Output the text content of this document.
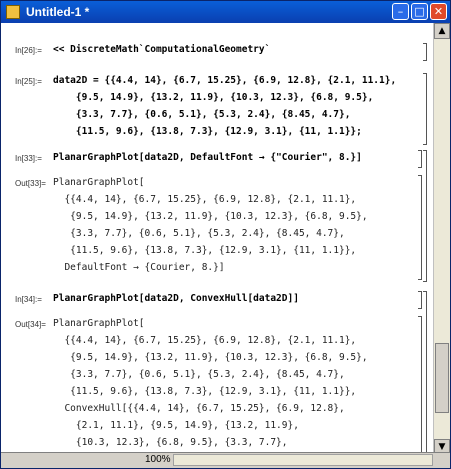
Untitled-1 *	–	□ ✕
In[26]:= << DiscreteMath`ComputationalGeometry`
In[25]:= data2D = {{4.4, 14}, {6.7, 15.25}, {6.9, 12.8}, {2.1, 11.1},
{9.5, 14.9}, {13.2, 11.9}, {10.3, 12.3}, {6.8, 9.5},
{3.3, 7.7}, {0.6, 5.1}, {5.3, 2.4}, {8.45, 4.7},
{11.5, 9.6}, {13.8, 7.3}, {12.9, 3.1}, {11, 1.1}};
In[33]:= PlanarGraphPlot[data2D, DefaultFont → {"Courier", 8.}]
Out[33]= PlanarGraphPlot[
{{4.4, 14}, {6.7, 15.25}, {6.9, 12.8}, {2.1, 11.1},
{9.5, 14.9}, {13.2, 11.9}, {10.3, 12.3}, {6.8, 9.5},
{3.3, 7.7}, {0.6, 5.1}, {5.3, 2.4}, {8.45, 4.7},
{11.5, 9.6}, {13.8, 7.3}, {12.9, 3.1}, {11, 1.1}},
DefaultFont → {Courier, 8.}]
In[34]:= PlanarGraphPlot[data2D, ConvexHull[data2D]]
Out[34]= PlanarGraphPlot[
{{4.4, 14}, {6.7, 15.25}, {6.9, 12.8}, {2.1, 11.1},
{9.5, 14.9}, {13.2, 11.9}, {10.3, 12.3}, {6.8, 9.5},
{3.3, 7.7}, {0.6, 5.1}, {5.3, 2.4}, {8.45, 4.7},
{11.5, 9.6}, {13.8, 7.3}, {12.9, 3.1}, {11, 1.1}},
ConvexHull[{{4.4, 14}, {6.7, 15.25}, {6.9, 12.8},
{2.1, 11.1}, {9.5, 14.9}, {13.2, 11.9},
{10.3, 12.3}, {6.8, 9.5}, {3.3, 7.7},
▲
▼
100%
